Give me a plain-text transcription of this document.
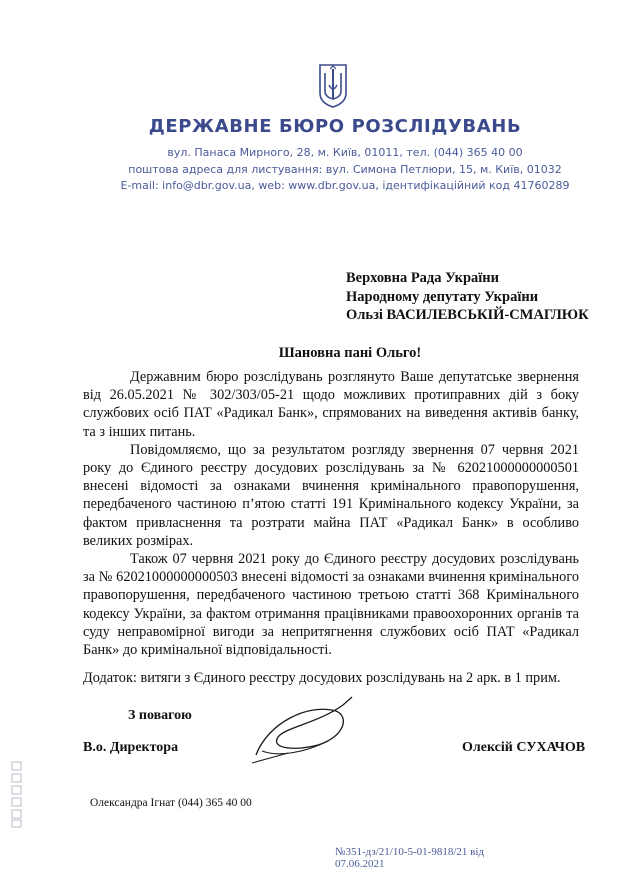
ДЕРЖАВНЕ БЮРО РОЗСЛІДУВАНЬ
вул. Панаса Мирного, 28, м. Київ, 01011, тел. (044) 365 40 00
поштова адреса для листування: вул. Симона Петлюри, 15, м. Київ, 01032
E-mail: info@dbr.gov.ua, web: www.dbr.gov.ua, ідентифікаційний код 41760289
Верховна Рада України
Народному депутату України
Ользі ВАСИЛЕВСЬКІЙ-СМАГЛЮК
Шановна пані Ольго!

Державним бюро розслідувань розглянуто Ваше депутатське звернення від 26.05.2021 № 302/303/05-21 щодо можливих протиправних дій з боку службових осіб ПАТ «Радикал Банк», спрямованих на виведення активів банку, та з інших питань.

Повідомляємо, що за результатом розгляду звернення 07 червня 2021 року до Єдиного реєстру досудових розслідувань за № 62021000000000501 внесені відомості за ознаками вчинення кримінального правопорушення, передбаченого частиною п’ятою статті 191 Кримінального кодексу України, за фактом привласнення та розтрати майна ПАТ «Радикал Банк» в особливо великих розмірах.

Також 07 червня 2021 року до Єдиного реєстру досудових розслідувань за № 62021000000000503 внесені відомості за ознаками вчинення кримінального правопорушення, передбаченого частиною третьою статті 368 Кримінального кодексу України, за фактом отримання працівниками правоохоронних органів та суду неправомірної вигоди за непритягнення службових осіб ПАТ «Радикал Банк» до кримінальної відповідальності.

Додаток: витяги з Єдиного реєстру досудових розслідувань на 2 арк. в 1 прим.

З повагою
В.о. Директора	Олексій СУХАЧОВ
Олександра Ігнат (044) 365 40 00
№351-дз/21/10-5-01-9818/21 від
07.06.2021
